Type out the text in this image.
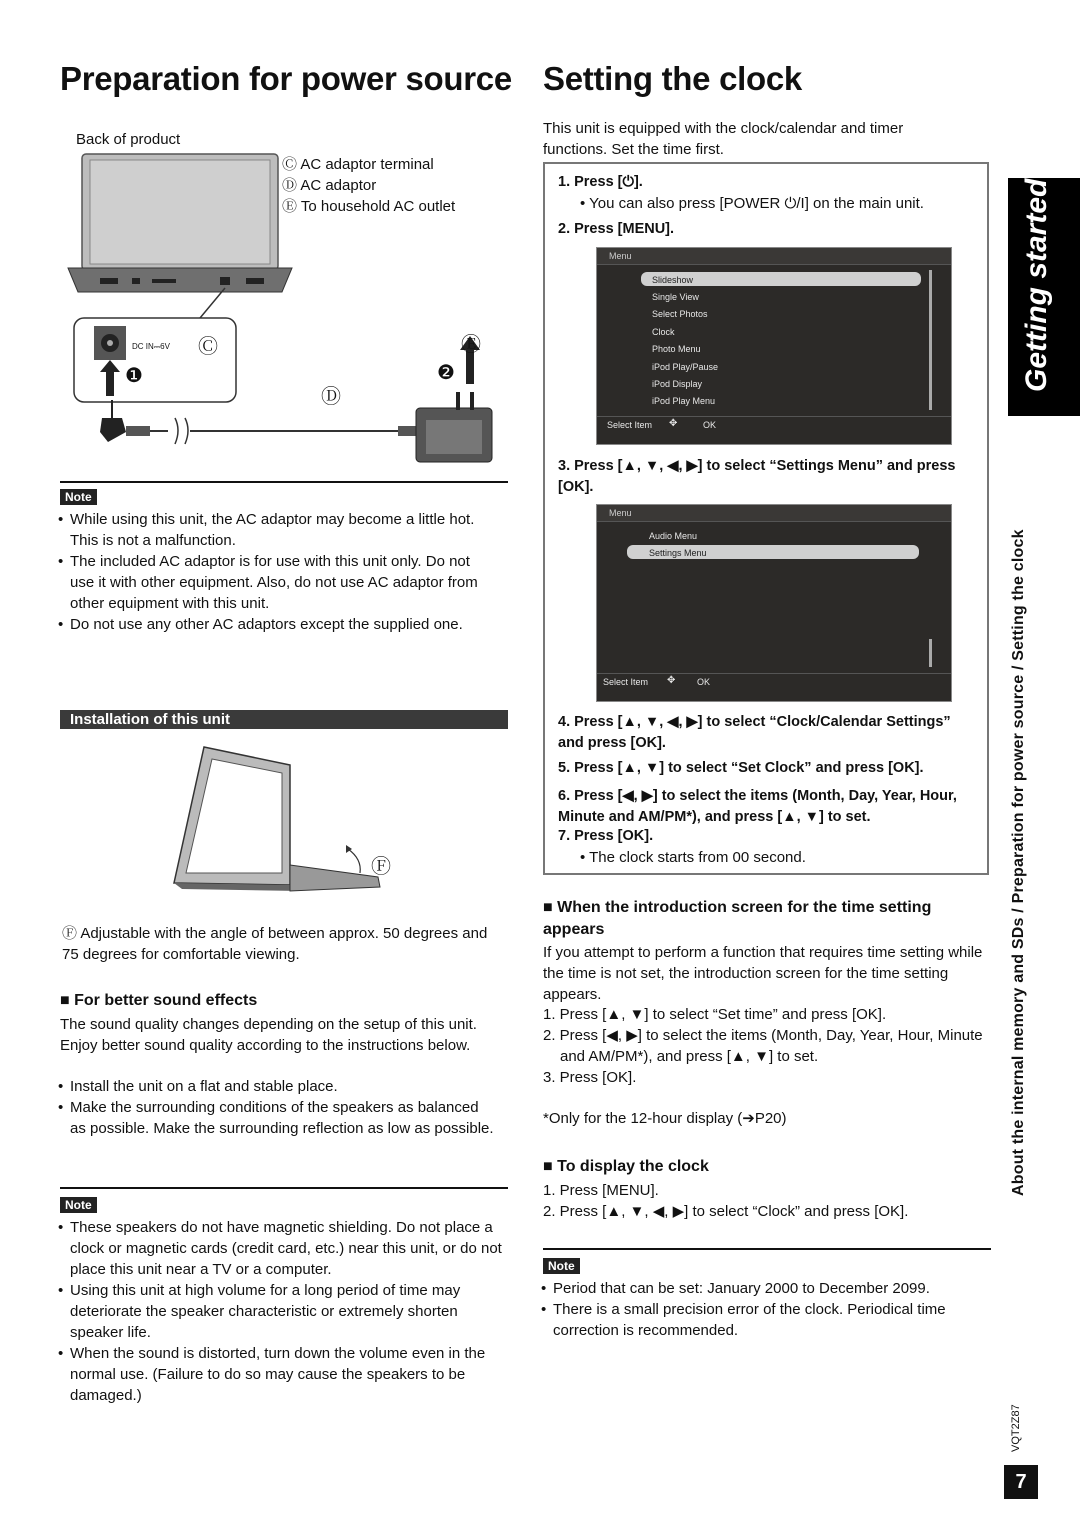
Preparation for power source
Back of product
Ⓒ AC adaptor terminal
Ⓓ AC adaptor
Ⓔ To household AC outlet
DC IN⎓6V Ⓒ	Ⓔ
Ⓓ
❶	❷
Note
• While using this unit, the AC adaptor may become a little hot. This is not a malfunction.
• The included AC adaptor is for use with this unit only. Do not use it with other equipment. Also, do not use AC adaptor from other equipment with this unit.
• Do not use any other AC adaptors except the supplied one.
Installation of this unit
Ⓕ
Ⓕ Adjustable with the angle of between approx. 50 degrees and 75 degrees for comfortable viewing.
■ For better sound effects
The sound quality changes depending on the setup of this unit. Enjoy better sound quality according to the instructions below.
• Install the unit on a flat and stable place.
• Make the surrounding conditions of the speakers as balanced as possible. Make the surrounding reflection as low as possible.
Note
• These speakers do not have magnetic shielding. Do not place a clock or magnetic cards (credit card, etc.) near this unit, or do not place this unit near a TV or a computer.
• Using this unit at high volume for a long period of time may deteriorate the speaker characteristic or extremely shorten speaker life.
• When the sound is distorted, turn down the volume even in the normal use. (Failure to do so may cause the speakers to be damaged.)
Setting the clock
This unit is equipped with the clock/calendar and timer functions. Set the time first.
1. Press [⏻].
• You can also press [POWER ⏻/I] on the main unit.
2. Press [MENU].
Menu
Slideshow
Single View
Select Photos
Clock
Photo Menu
iPod Play/Pause
iPod Display
iPod Play Menu
Select Item ✥	OK
3. Press [▲, ▼, ◀, ▶] to select “Settings Menu” and press [OK].
Menu
Audio Menu
Settings Menu
Select Item ✥ OK
4. Press [▲, ▼, ◀, ▶] to select “Clock/Calendar Settings” and press [OK].
5. Press [▲, ▼] to select “Set Clock” and press [OK].
6. Press [◀, ▶] to select the items (Month, Day, Year, Hour, Minute and AM/PM*), and press [▲, ▼] to set.
7. Press [OK].
• The clock starts from 00 second.
■ When the introduction screen for the time setting appears
If you attempt to perform a function that requires time setting while the time is not set, the introduction screen for the time setting appears.
1. Press [▲, ▼] to select “Set time” and press [OK].
2. Press [◀, ▶] to select the items (Month, Day, Year, Hour, Minute and AM/PM*), and press [▲, ▼] to set.
3. Press [OK].
*Only for the 12-hour display (➔P20)
■ To display the clock
1. Press [MENU].
2. Press [▲, ▼, ◀, ▶] to select “Clock” and press [OK].
Note
• Period that can be set: January 2000 to December 2099.
• There is a small precision error of the clock. Periodical time correction is recommended.
Getting started
About the internal memory and SDs / Preparation for power source / Setting the clock
VQT2Z87
7
